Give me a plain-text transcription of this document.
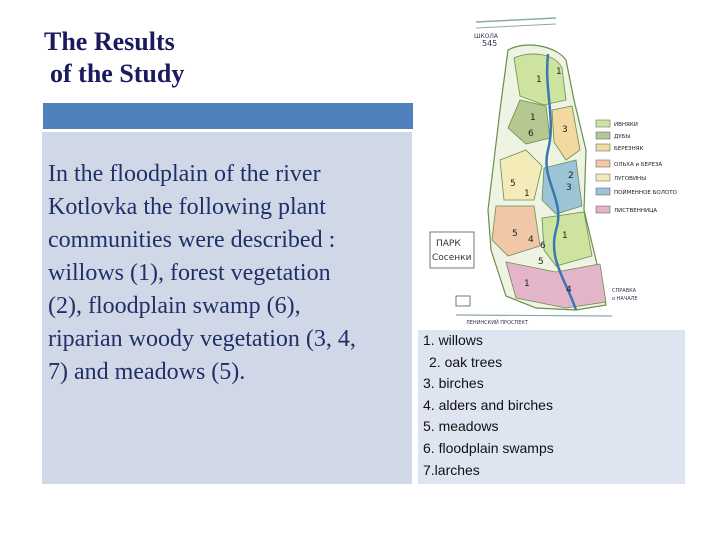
The Results
of the Study
In the floodplain of the river
Kotlovka the following plant
communities were described :
willows (1), forest vegetation
(2), floodplain swamp (6),
riparian woody vegetation (3, 4,
7) and meadows (5).
ШКОЛА
545
1
1
1
2
6	3
5
1
5
4
3
6
1
5
1
4
ПАРК
Сосенки
ЛЕНИНСКИЙ ПРОСПЕКТ
СПРАВКА
о НАЧАЛЕ
ИВНЯКИ
ДУБЫ
БЕРЕЗНЯК
ОЛЬХА и БЕРЕЗА
ЛУГОВИНЫ
ПОЙМЕННОЕ БОЛОТО
ЛИСТВЕННИЦА
1. willows
2. oak trees
3. birches
4. alders and birches
5. meadows
6. floodplain swamps
7.larches
